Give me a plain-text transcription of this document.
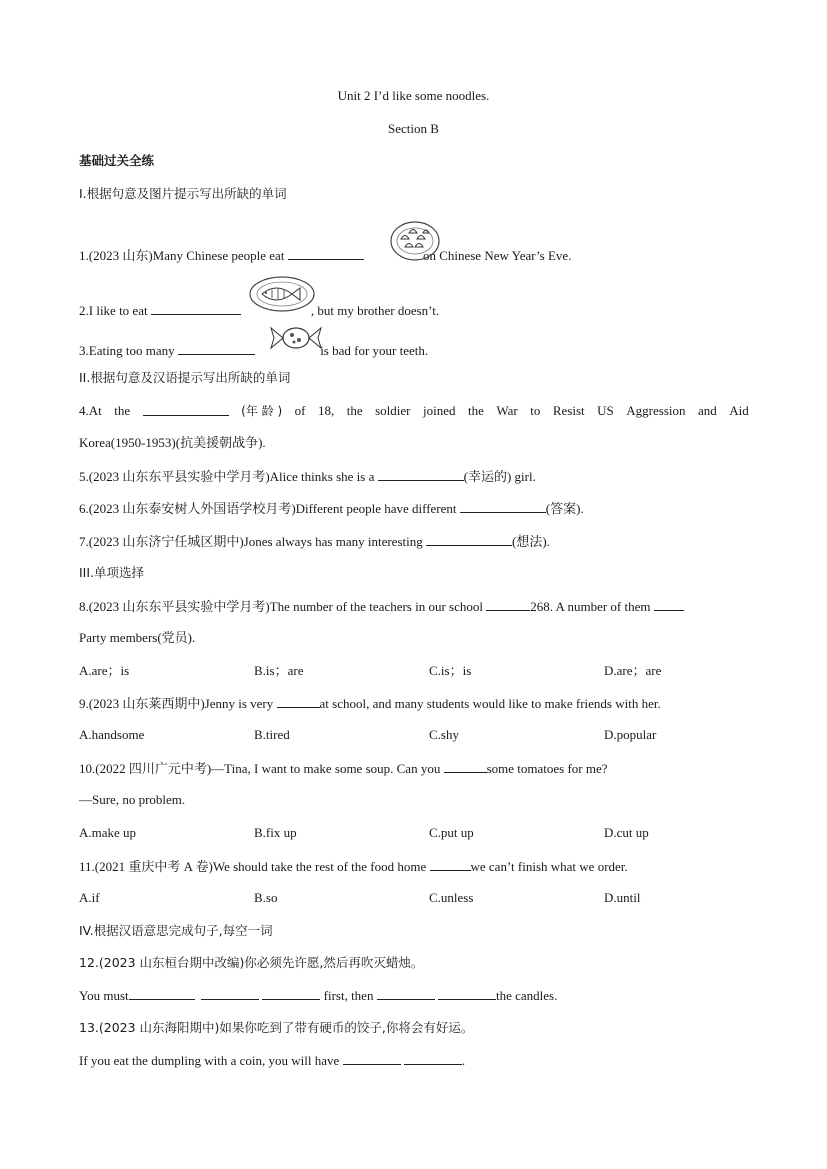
Unit 2 I’d like some noodles.
Section B
基础过关全练
I.根据句意及图片提示写出所缺的单词
1.(2023 山东)Many Chinese people eat	on Chinese New Year’s Eve.
2.I like to eat	, but my brother doesn’t.
3.Eating too many	is bad for your teeth.
II.根据句意及汉语提示写出所缺的单词
4.At the	(年 龄 ) of 18, the soldier joined the War to Resist US Aggression and Aid
Korea(1950-1953)(抗美援朝战争).
5.(2023 山东东平县实验中学月考)Alice thinks she is a	(幸运的) girl.
6.(2023 山东泰安树人外国语学校月考)Different people have different	(答案).
7.(2023 山东济宁任城区期中)Jones always has many interesting	(想法).
III.单项选择
8.(2023 山东东平县实验中学月考)The number of the teachers in our school	268. A number of them
Party members(党员).
A.are；is	B.is；are	C.is；is	D.are；are
9.(2023 山东莱西期中)Jenny is very	at school, and many students would like to make friends with her.
A.handsome	B.tired	C.shy	D.popular
10.(2022 四川广元中考)—Tina, I want to make some soup. Can you	some tomatoes for me?
—Sure, no problem.
A.make up	B.fix up	C.put up	D.cut up
11.(2021 重庆中考 A 卷)We should take the rest of the food home	we can’t finish what we order.
A.if	B.so	C.unless	D.until
IV.根据汉语意思完成句子,每空一词
12.(2023 山东桓台期中改编)你必须先许愿,然后再吹灭蜡烛。
You must	first, then	the candles.
13.(2023 山东海阳期中)如果你吃到了带有硬币的饺子,你将会有好运。
If you eat the dumpling with a coin, you will have	.
